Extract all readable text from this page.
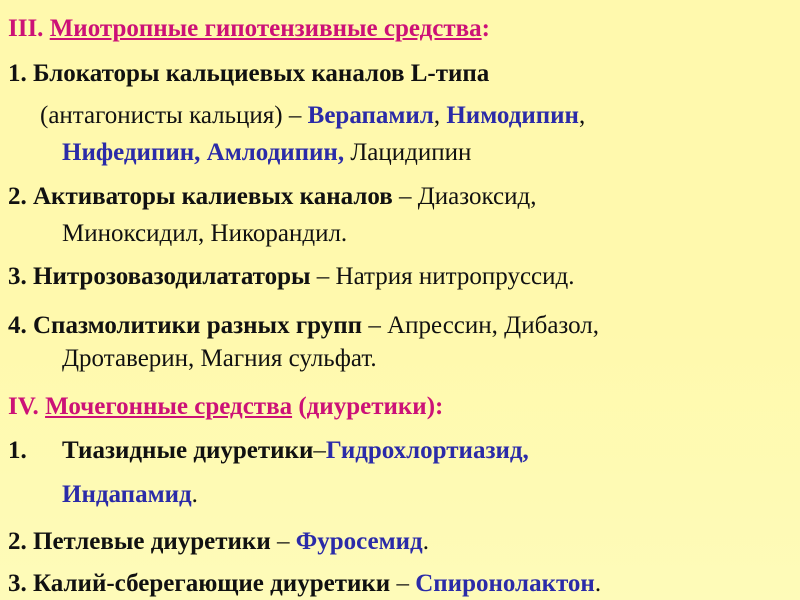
III. Миотропные гипотензивные средства:
1. Блокаторы кальциевых каналов L-типа
(антагонисты кальция) – Верапамил, Нимодипин,
Нифедипин, Амлодипин, Лацидипин
2. Активаторы калиевых каналов – Диазоксид,
Миноксидил, Никорандил.
3. Нитрозовазодилататоры – Натрия нитропруссид.
4. Спазмолитики разных групп – Апрессин, Дибазол,
Дротаверин, Магния сульфат.
IV. Мочегонные средства (диуретики):
1. Тиазидные диуретики–Гидрохлортиазид,
Индапамид.
2. Петлевые диуретики – Фуросемид.
3. Калий-сберегающие диуретики – Спиронолактон.
